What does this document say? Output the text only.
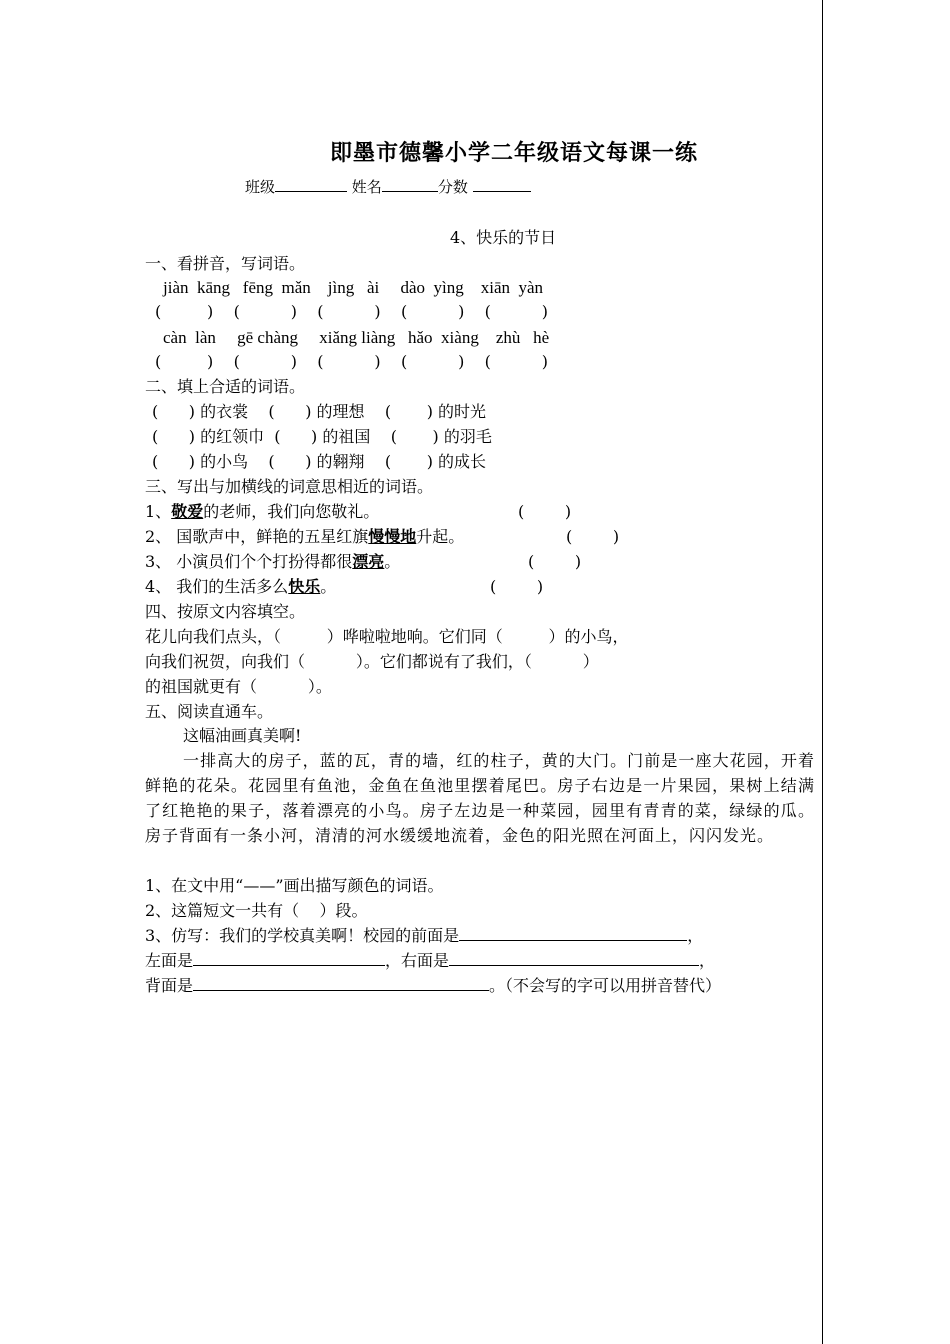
即墨市德馨小学二年级语文每课一练
班级	姓名	分数
4、快乐的节日
一、看拼音，写词语。
jiàn  kāng   fēng  mǎn    jìng   ài     dào  yìng    xiān  yàn
(         )    (          )    (          )    (          )    (          )
càn  làn     gē chàng     xiǎng liàng   hǎo  xiàng    zhù   hè
(         )    (          )    (          )    (          )    (          )
二、填上合适的词语。
(      ) 的衣裳    (      ) 的理想    (       ) 的时光
(      ) 的红领巾  (      ) 的祖国    (       ) 的羽毛
(      ) 的小鸟    (      ) 的翱翔    (       ) 的成长
三、写出与加横线的词意思相近的词语。
1、敬爱的老师，我们向您敬礼。	(        )
2、 国歌声中，鲜艳的五星红旗慢慢地升起。	(        )
3、 小演员们个个打扮得都很漂亮。	(        )
4、 我们的生活多么快乐。	(        )
四、按原文内容填空。
花儿向我们点头，（         ）哗啦啦地响。它们同（         ）的小鸟，
向我们祝贺，向我们（          ）。它们都说有了我们，（          ）
的祖国就更有（          ）。
五、阅读直通车。
这幅油画真美啊!
一排高大的房子，蓝的瓦，青的墙，红的柱子，黄的大门。门前是一座大花园，开着鲜艳的花朵。花园里有鱼池，金鱼在鱼池里摆着尾巴。房子右边是一片果园，果树上结满了红艳艳的果子，落着漂亮的小鸟。房子左边是一种菜园，园里有青青的菜，绿绿的瓜。房子背面有一条小河，清清的河水缓缓地流着，金色的阳光照在河面上，闪闪发光。
1、在文中用“——”画出描写颜色的词语。
2、这篇短文一共有（    ）段。
3、仿写：我们的学校真美啊！校园的前面是	，
左面是	，右面是	，
背面是	。（不会写的字可以用拼音替代）
